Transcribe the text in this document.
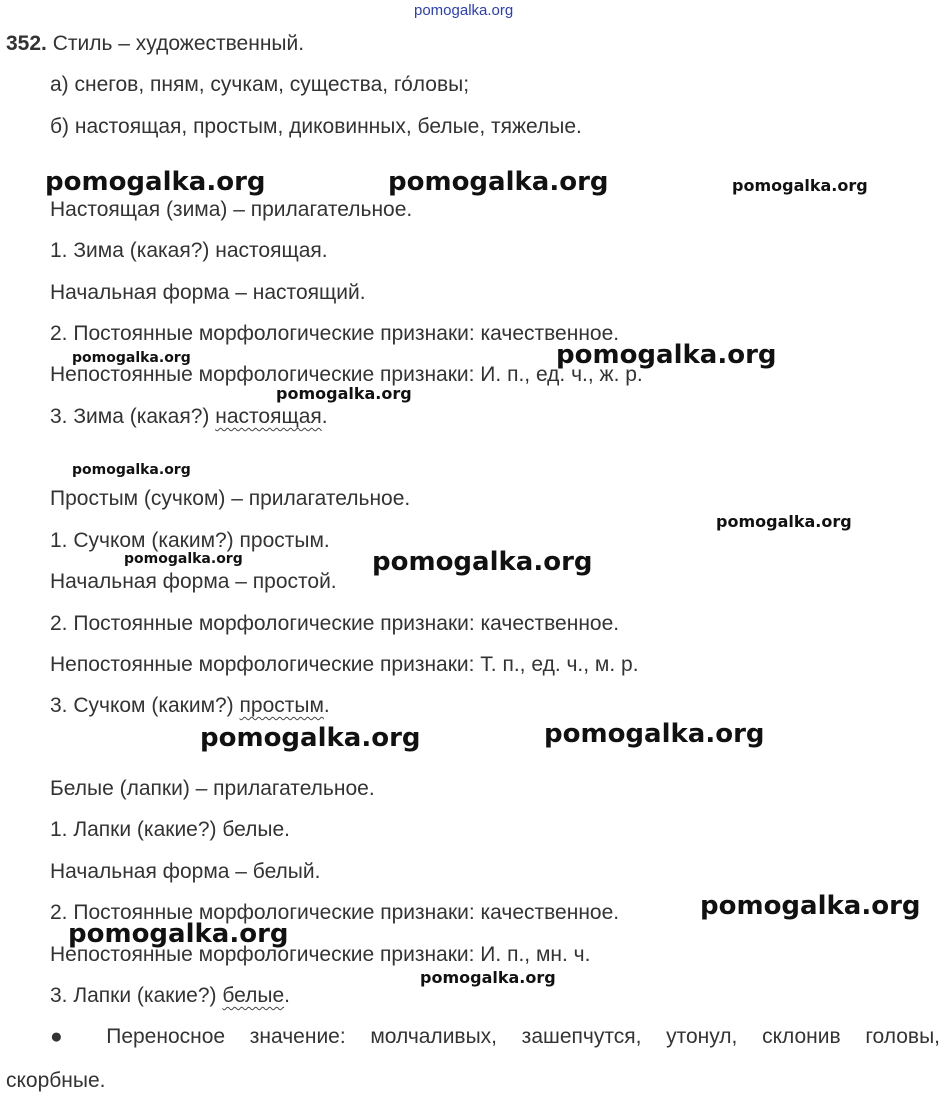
pomogalka.org
352. Стиль – художественный.
а) снегов, пням, сучкам, существа, го́ловы;
б) настоящая, простым, диковинных, белые, тяжелые.
Настоящая (зима) – прилагательное.
1. Зима (какая?) настоящая.
Начальная форма – настоящий.
2. Постоянные морфологические признаки: качественное.
Непостоянные морфологические признаки: И. п., ед. ч., ж. р.
3. Зима (какая?) настоящая.
Простым (сучком) – прилагательное.
1. Сучком (каким?) простым.
Начальная форма – простой.
2. Постоянные морфологические признаки: качественное.
Непостоянные морфологические признаки: Т. п., ед. ч., м. р.
3. Сучком (каким?) простым.
Белые (лапки) – прилагательное.
1. Лапки (какие?) белые.
Начальная форма – белый.
2. Постоянные морфологические признаки: качественное.
Непостоянные морфологические признаки: И. п., мн. ч.
3. Лапки (какие?) белые.
● Переносное значение: молчаливых, зашепчутся, утонул, склонив головы,
скорбные.
pomogalka.org	pomogalka.org	pomogalka.org
pomogalka.org	pomogalka.org
pomogalka.org
pomogalka.org
pomogalka.org
pomogalka.org	pomogalka.org
pomogalka.org	pomogalka.org
pomogalka.org
pomogalka.org
pomogalka.org
